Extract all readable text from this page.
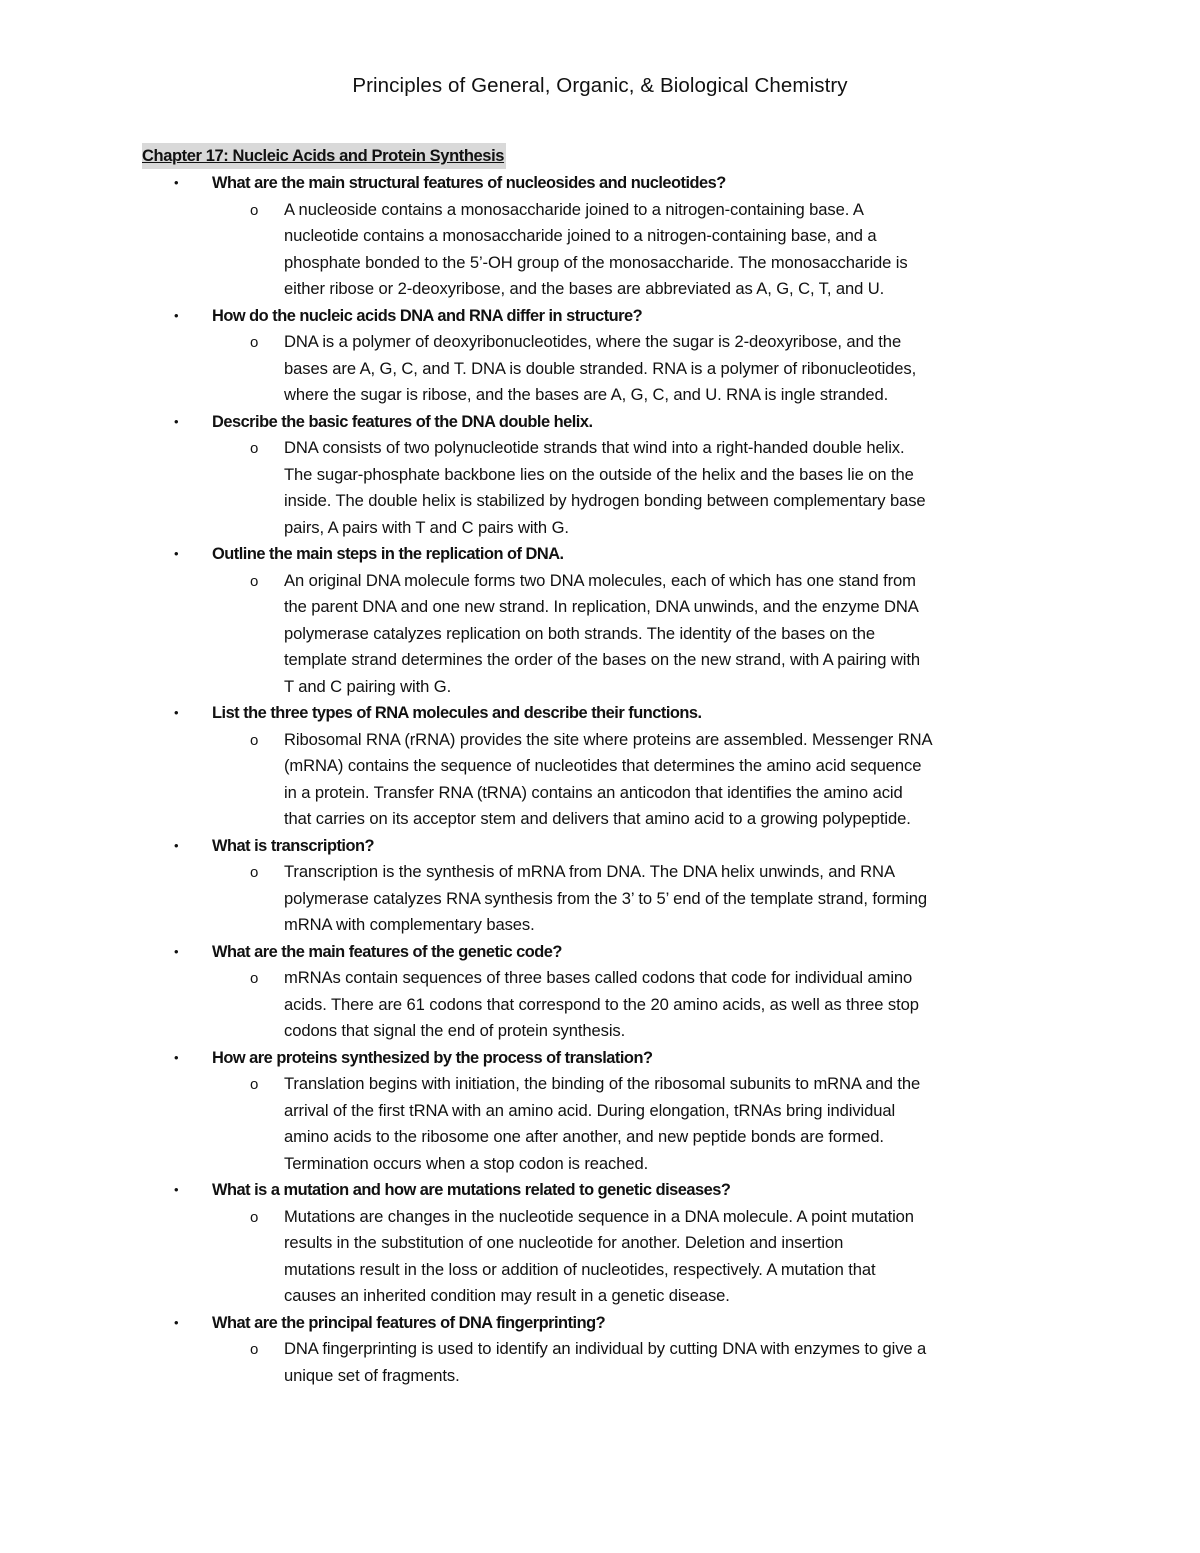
Principles of General, Organic, & Biological Chemistry
Chapter 17: Nucleic Acids and Protein Synthesis
• What are the main structural features of nucleosides and nucleotides?
o A nucleoside contains a monosaccharide joined to a nitrogen-containing base. A
nucleotide contains a monosaccharide joined to a nitrogen-containing base, and a
phosphate bonded to the 5’-OH group of the monosaccharide. The monosaccharide is
either ribose or 2-deoxyribose, and the bases are abbreviated as A, G, C, T, and U.
• How do the nucleic acids DNA and RNA differ in structure?
o DNA is a polymer of deoxyribonucleotides, where the sugar is 2-deoxyribose, and the
bases are A, G, C, and T. DNA is double stranded. RNA is a polymer of ribonucleotides,
where the sugar is ribose, and the bases are A, G, C, and U. RNA is ingle stranded.
• Describe the basic features of the DNA double helix.
o DNA consists of two polynucleotide strands that wind into a right-handed double helix.
The sugar-phosphate backbone lies on the outside of the helix and the bases lie on the
inside. The double helix is stabilized by hydrogen bonding between complementary base
pairs, A pairs with T and C pairs with G.
• Outline the main steps in the replication of DNA.
o An original DNA molecule forms two DNA molecules, each of which has one stand from
the parent DNA and one new strand. In replication, DNA unwinds, and the enzyme DNA
polymerase catalyzes replication on both strands. The identity of the bases on the
template strand determines the order of the bases on the new strand, with A pairing with
T and C pairing with G.
• List the three types of RNA molecules and describe their functions.
o Ribosomal RNA (rRNA) provides the site where proteins are assembled. Messenger RNA
(mRNA) contains the sequence of nucleotides that determines the amino acid sequence
in a protein. Transfer RNA (tRNA) contains an anticodon that identifies the amino acid
that carries on its acceptor stem and delivers that amino acid to a growing polypeptide.
• What is transcription?
o Transcription is the synthesis of mRNA from DNA. The DNA helix unwinds, and RNA
polymerase catalyzes RNA synthesis from the 3’ to 5’ end of the template strand, forming
mRNA with complementary bases.
• What are the main features of the genetic code?
o mRNAs contain sequences of three bases called codons that code for individual amino
acids. There are 61 codons that correspond to the 20 amino acids, as well as three stop
codons that signal the end of protein synthesis.
• How are proteins synthesized by the process of translation?
o Translation begins with initiation, the binding of the ribosomal subunits to mRNA and the
arrival of the first tRNA with an amino acid. During elongation, tRNAs bring individual
amino acids to the ribosome one after another, and new peptide bonds are formed.
Termination occurs when a stop codon is reached.
• What is a mutation and how are mutations related to genetic diseases?
o Mutations are changes in the nucleotide sequence in a DNA molecule. A point mutation
results in the substitution of one nucleotide for another. Deletion and insertion
mutations result in the loss or addition of nucleotides, respectively. A mutation that
causes an inherited condition may result in a genetic disease.
• What are the principal features of DNA fingerprinting?
o DNA fingerprinting is used to identify an individual by cutting DNA with enzymes to give a
unique set of fragments.
